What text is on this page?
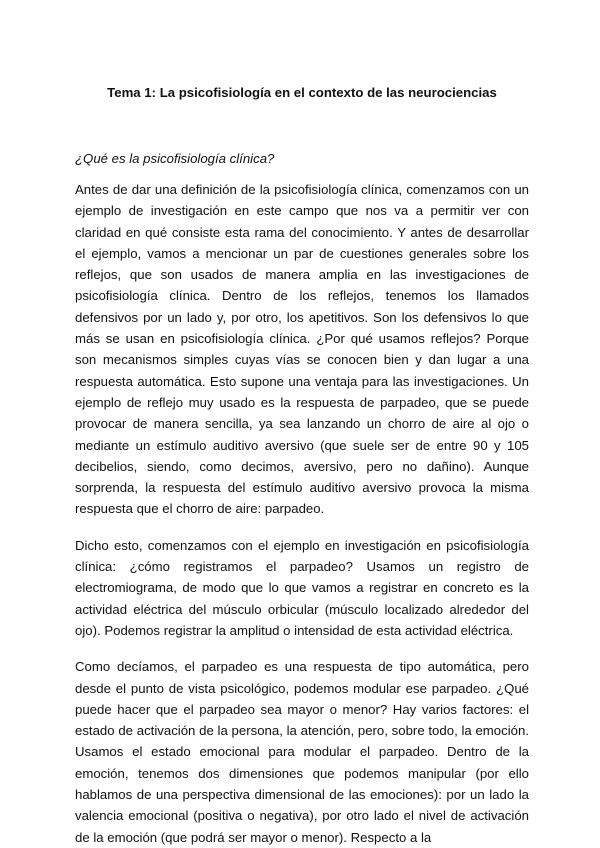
Tema 1: La psicofisiología en el contexto de las neurociencias

¿Qué es la psicofisiología clínica?

Antes de dar una definición de la psicofisiología clínica, comenzamos con un ejemplo de investigación en este campo que nos va a permitir ver con claridad en qué consiste esta rama del conocimiento. Y antes de desarrollar el ejemplo, vamos a mencionar un par de cuestiones generales sobre los reflejos, que son usados de manera amplia en las investigaciones de psicofisiología clínica. Dentro de los reflejos, tenemos los llamados defensivos por un lado y, por otro, los apetitivos. Son los defensivos lo que más se usan en psicofisiología clínica. ¿Por qué usamos reflejos? Porque son mecanismos simples cuyas vías se conocen bien y dan lugar a una respuesta automática. Esto supone una ventaja para las investigaciones. Un ejemplo de reflejo muy usado es la respuesta de parpadeo, que se puede provocar de manera sencilla, ya sea lanzando un chorro de aire al ojo o mediante un estímulo auditivo aversivo (que suele ser de entre 90 y 105 decibelios, siendo, como decimos, aversivo, pero no dañino). Aunque sorprenda, la respuesta del estímulo auditivo aversivo provoca la misma respuesta que el chorro de aire: parpadeo.

Dicho esto, comenzamos con el ejemplo en investigación en psicofisiología clínica: ¿cómo registramos el parpadeo? Usamos un registro de electromiograma, de modo que lo que vamos a registrar en concreto es la actividad eléctrica del músculo orbicular (músculo localizado alrededor del ojo). Podemos registrar la amplitud o intensidad de esta actividad eléctrica.

Como decíamos, el parpadeo es una respuesta de tipo automática, pero desde el punto de vista psicológico, podemos modular ese parpadeo. ¿Qué puede hacer que el parpadeo sea mayor o menor? Hay varios factores: el estado de activación de la persona, la atención, pero, sobre todo, la emoción. Usamos el estado emocional para modular el parpadeo. Dentro de la emoción, tenemos dos dimensiones que podemos manipular (por ello hablamos de una perspectiva dimensional de las emociones): por un lado la valencia emocional (positiva o negativa), por otro lado el nivel de activación de la emoción (que podrá ser mayor o menor). Respecto a la
